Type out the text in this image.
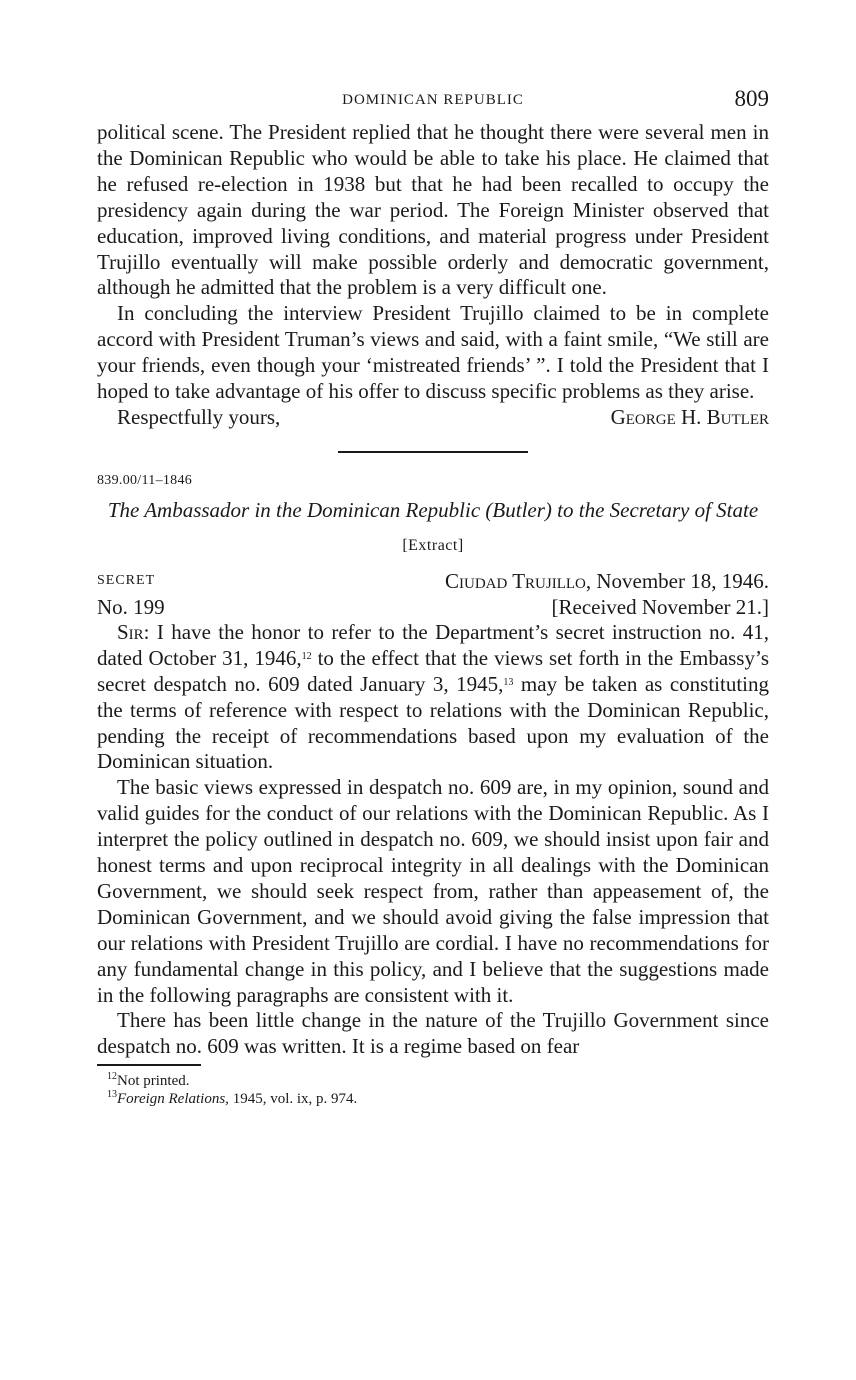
DOMINICAN REPUBLIC	809

political scene. The President replied that he thought there were several men in the Dominican Republic who would be able to take his place. He claimed that he refused re-election in 1938 but that he had been recalled to occupy the presidency again during the war period. The Foreign Minister observed that education, improved living conditions, and material progress under President Trujillo eventually will make possible orderly and democratic government, although he admitted that the problem is a very difficult one.

In concluding the interview President Trujillo claimed to be in complete accord with President Truman’s views and said, with a faint smile, “We still are your friends, even though your ‘mistreated friends’ ”. I told the President that I hoped to take advantage of his offer to discuss specific problems as they arise.

Respectfully yours,	George H. Butler
839.00/11–1846
The Ambassador in the Dominican Republic (Butler) to the Secretary of State
[Extract]
SECRET	Ciudad Trujillo, November 18, 1946.
No. 199	[Received November 21.]

Sir: I have the honor to refer to the Department’s secret instruction no. 41, dated October 31, 1946,12 to the effect that the views set forth in the Embassy’s secret despatch no. 609 dated January 3, 1945,13 may be taken as constituting the terms of reference with respect to relations with the Dominican Republic, pending the receipt of recommendations based upon my evaluation of the Dominican situation.

The basic views expressed in despatch no. 609 are, in my opinion, sound and valid guides for the conduct of our relations with the Dominican Republic. As I interpret the policy outlined in despatch no. 609, we should insist upon fair and honest terms and upon reciprocal integrity in all dealings with the Dominican Government, we should seek respect from, rather than appeasement of, the Dominican Government, and we should avoid giving the false impression that our relations with President Trujillo are cordial. I have no recommendations for any fundamental change in this policy, and I believe that the suggestions made in the following paragraphs are consistent with it.

There has been little change in the nature of the Trujillo Government since despatch no. 609 was written. It is a regime based on fear

$^{12}$Not printed.
$^{13}$Foreign Relations, 1945, vol. ix, p. 974.
